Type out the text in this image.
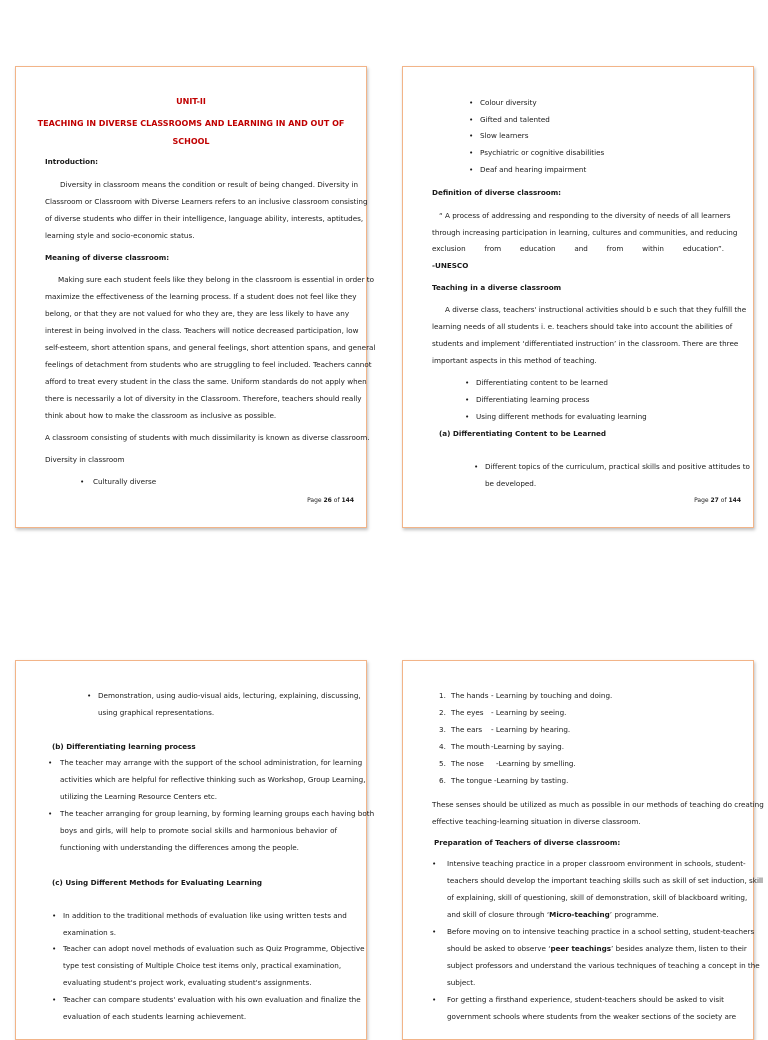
UNIT-II
TEACHING IN DIVERSE CLASSROOMS AND LEARNING IN AND OUT OF
SCHOOL
Introduction:
Diversity in classroom means the condition or result of being changed. Diversity in
Classroom or Classroom with Diverse Learners refers to an inclusive classroom consisting
of diverse students who differ in their intelligence, language ability, interests, aptitudes,
learning style and socio-economic status.
Meaning of diverse classroom:
Making sure each student feels like they belong in the classroom is essential in order to
maximize the effectiveness of the learning process. If a student does not feel like they
belong, or that they are not valued for who they are, they are less likely to have any
interest in being involved in the class. Teachers will notice decreased participation, low
self-esteem, short attention spans, and general feelings, short attention spans, and general
feelings of detachment from students who are struggling to feel included. Teachers cannot
afford to treat every student in the class the same. Uniform standards do not apply when
there is necessarily a lot of diversity in the Classroom. Therefore, teachers should really
think about how to make the classroom as inclusive as possible.
A classroom consisting of students with much dissimilarity is known as diverse classroom.
Diversity in classroom
• Culturally diverse
Page 26 of 144
• Colour diversity
• Gifted and talented
• Slow learners
• Psychiatric or cognitive disabilities
• Deaf and hearing impairment
Definition of diverse classroom:
“ A process of addressing and responding to the diversity of needs of all learners
through increasing participation in learning, cultures and communities, and reducing
exclusion	from	education	and	from	within	education”.
-UNESCO
Teaching in a diverse classroom
A diverse class, teachers' instructional activities should b e such that they fulfill the
learning needs of all students i. e. teachers should take into account the abilities of
students and implement ‘differentiated instruction’ in the classroom. There are three
important aspects in this method of teaching.
• Differentiating content to be learned
• Differentiating learning process
• Using different methods for evaluating learning
(a) Differentiating Content to be Learned
• Different topics of the curriculum, practical skills and positive attitudes to
be developed.
Page 27 of 144
• Demonstration, using audio-visual aids, lecturing, explaining, discussing,
using graphical representations.
(b) Differentiating learning process
• The teacher may arrange with the support of the school administration, for learning
activities which are helpful for reflective thinking such as Workshop, Group Learning,
utilizing the Learning Resource Centers etc.
• The teacher arranging for group learning, by forming learning groups each having both
boys and girls, will help to promote social skills and harmonious behavior of
functioning with understanding the differences among the people.
(c) Using Different Methods for Evaluating Learning
• In addition to the traditional methods of evaluation like using written tests and
examination s.
• Teacher can adopt novel methods of evaluation such as Quiz Programme, Objective
type test consisting of Multiple Choice test items only, practical examination,
evaluating student's project work, evaluating student's assignments.
• Teacher can compare students' evaluation with his own evaluation and finalize the
evaluation of each students learning achievement.
1. The hands - Learning by touching and doing.
2. The eyes - Learning by seeing.
3. The ears - Learning by hearing.
4. The mouth -Learning by saying.
5. The nose -Learning by smelling.
6. The tongue -Learning by tasting.
These senses should be utilized as much as possible in our methods of teaching do creating
effective teaching-learning situation in diverse classroom.
Preparation of Teachers of diverse classroom:
• Intensive teaching practice in a proper classroom environment in schools, student-
teachers should develop the important teaching skills such as skill of set induction, skill
of explaining, skill of questioning, skill of demonstration, skill of blackboard writing,
and skill of closure through ‘Micro-teaching’ programme.
• Before moving on to intensive teaching practice in a school setting, student-teachers
should be asked to observe ‘peer teachings’ besides analyze them, listen to their
subject professors and understand the various techniques of teaching a concept in the
subject.
• For getting a firsthand experience, student-teachers should be asked to visit
government schools where students from the weaker sections of the society are
